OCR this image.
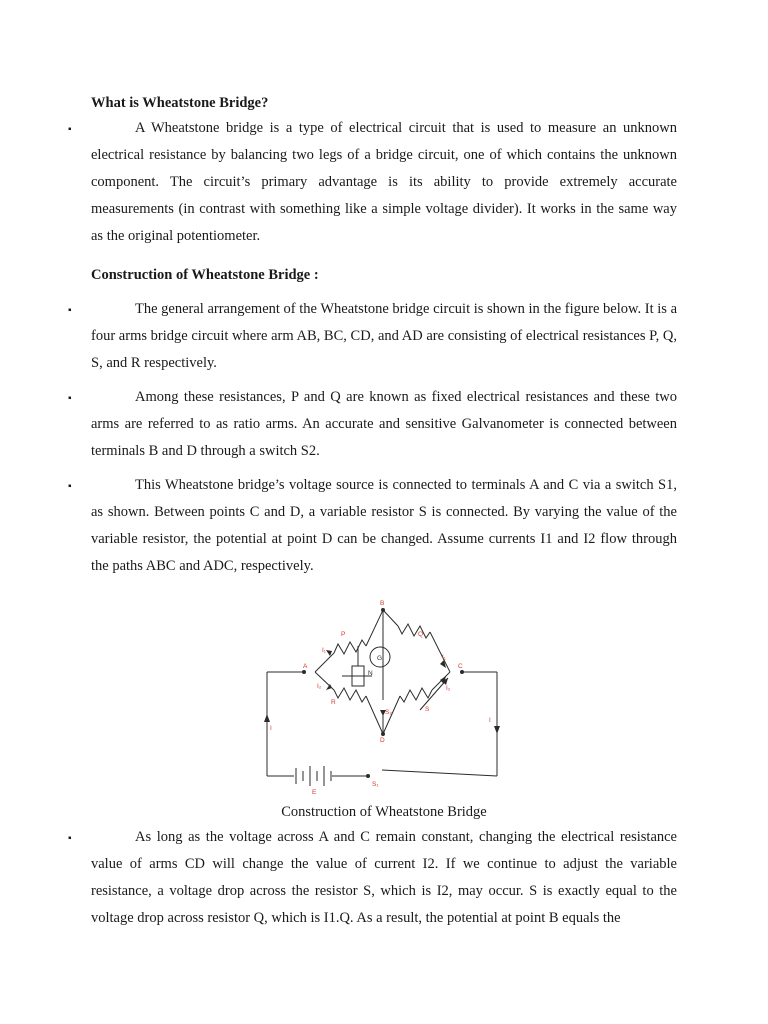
What is Wheatstone Bridge?
▪	A Wheatstone bridge is a type of electrical circuit that is used to measure an unknown electrical resistance by balancing two legs of a bridge circuit, one of which contains the unknown component. The circuit’s primary advantage is its ability to provide extremely accurate measurements (in contrast with something like a simple voltage divider). It works in the same way as the original potentiometer.

Construction of Wheatstone Bridge :
▪	The general arrangement of the Wheatstone bridge circuit is shown in the figure below. It is a four arms bridge circuit where arm AB, BC, CD, and AD are consisting of electrical resistances P, Q, S, and R respectively.

▪	Among these resistances, P and Q are known as fixed electrical resistances and these two arms are referred to as ratio arms. An accurate and sensitive Galvanometer is connected between terminals B and D through a switch S2.

▪	This Wheatstone bridge’s voltage source is connected to terminals A and C via a switch S1, as shown. Between points C and D, a variable resistor S is connected. By varying the value of the variable resistor, the potential at point D can be changed. Assume currents I1 and I2 flow through the paths ABC and ADC, respectively.

B
A	C
D
P	Q
R
S
I
I
I₁
I₁
I₂	I₂
S₂
S₁
E
G
N
Construction of Wheatstone Bridge
▪	As long as the voltage across A and C remain constant, changing the electrical resistance value of arms CD will change the value of current I2. If we continue to adjust the variable resistance, a voltage drop across the resistor S, which is I2, may occur. S is exactly equal to the voltage drop across resistor Q, which is I1.Q. As a result, the potential at point B equals the
